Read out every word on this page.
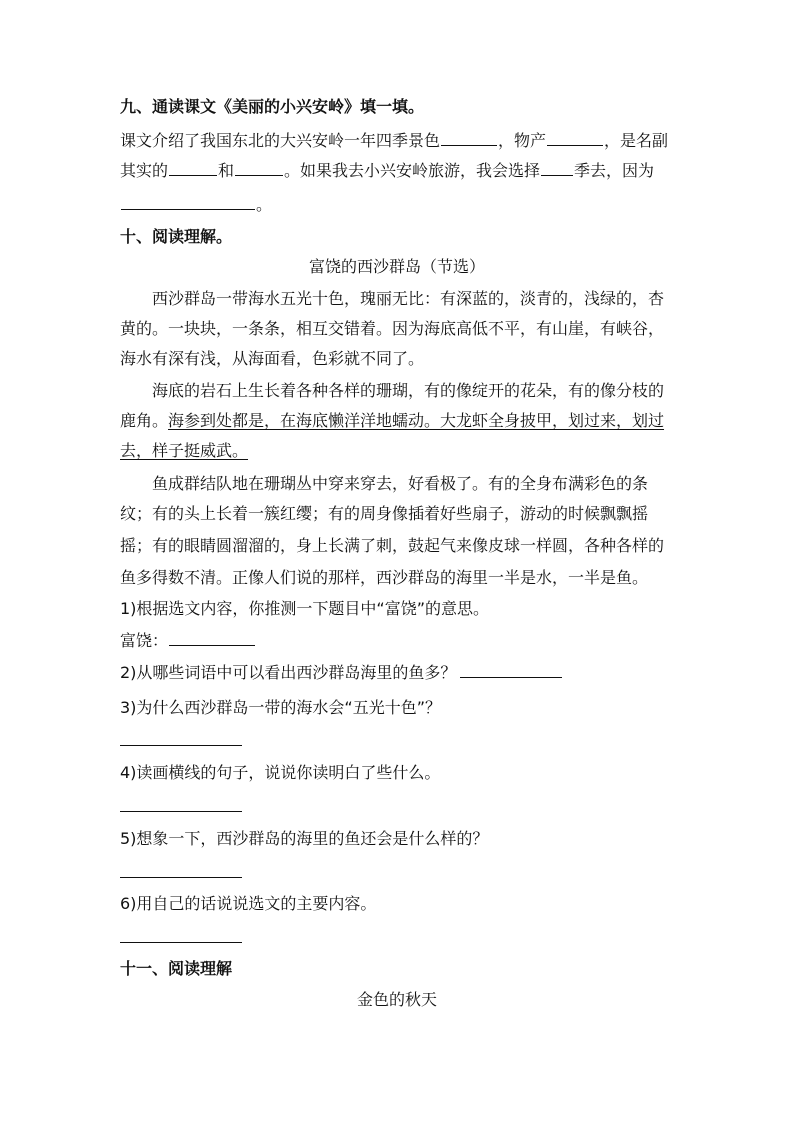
九、通读课文《美丽的小兴安岭》填一填。
课文介绍了我国东北的大兴安岭一年四季景色	，物产	，是名副
其实的	和	。如果我去小兴安岭旅游，我会选择 季去，因为
。
十、阅读理解。
富饶的西沙群岛（节选）
西沙群岛一带海水五光十色，瑰丽无比：有深蓝的，淡青的，浅绿的，杏
黄的。一块块，一条条，相互交错着。因为海底高低不平，有山崖，有峡谷，
海水有深有浅，从海面看，色彩就不同了。
海底的岩石上生长着各种各样的珊瑚，有的像绽开的花朵，有的像分枝的
鹿角。海参到处都是，在海底懒洋洋地蠕动。大龙虾全身披甲，划过来，划过
去，样子挺威武。
鱼成群结队地在珊瑚丛中穿来穿去，好看极了。有的全身布满彩色的条
纹；有的头上长着一簇红缨；有的周身像插着好些扇子，游动的时候飘飘摇
摇；有的眼睛圆溜溜的，身上长满了刺，鼓起气来像皮球一样圆，各种各样的
鱼多得数不清。正像人们说的那样，西沙群岛的海里一半是水，一半是鱼。
1)根据选文内容，你推测一下题目中“富饶”的意思。
富饶：
2)从哪些词语中可以看出西沙群岛海里的鱼多？
3)为什么西沙群岛一带的海水会“五光十色”？
4)读画横线的句子，说说你读明白了些什么。
5)想象一下，西沙群岛的海里的鱼还会是什么样的？
6)用自己的话说说选文的主要内容。
十一、阅读理解
金色的秋天
